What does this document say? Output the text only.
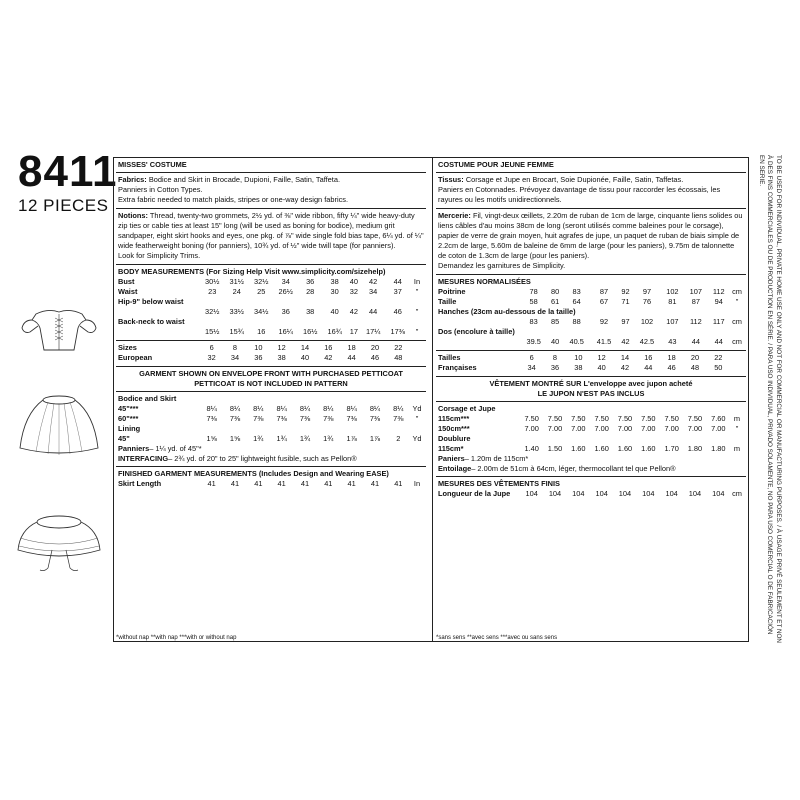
8411
12 PIECES
MISSES' COSTUME

Fabrics: Bodice and Skirt in Brocade, Dupioni, Faille, Satin, Taffeta.

Panniers in Cotton Types.

Extra fabric needed to match plaids, stripes or one-way design fabrics.

Notions: Thread, twenty-two grommets, 2½ yd. of ⅜" wide ribbon, fifty ¼" wide heavy-duty zip ties or cable ties at least 15" long (will be used as boning for bodice), medium grit sandpaper, eight skirt hooks and eyes, one pkg. of ⅞" wide single fold bias tape, 6¼ yd. of ¼" wide featherweight boning (for panniers), 10¾ yd. of ½" wide twill tape (for panniers).

Look for Simplicity Trims.

BODY MEASUREMENTS (For Sizing Help Visit www.simplicity.com/sizehelp)
Bust	30½	31½	32½	34	36	38	40	42	44	In
Waist	23	24	25	26½	28	30	32	34	37	"
Hip-9" below waist										
	32½	33½	34½	36	38	40	42	44	46	"
Back-neck to waist										
	15½	15¾	16	16¼	16½	16¾	17	17¼	17⅜	"
Sizes	6	8	10	12	14	16	18	20	22	
European	32	34	36	38	40	42	44	46	48	
GARMENT SHOWN ON ENVELOPE FRONT WITH PURCHASED PETTICOAT
PETTICOAT IS NOT INCLUDED IN PATTERN
Bodice and Skirt										
45"***	8¼	8¼	8¼	8¼	8¼	8¼	8¼	8¼	8¼	Yd
60"***	7⅜	7⅜	7⅜	7⅜	7⅜	7⅜	7⅜	7⅜	7⅜	"
Lining										
45"	1⅝	1⅝	1¾	1¾	1¾	1¾	1⅞	1⅞	2	Yd

Panniers– 1¼ yd. of 45"*

INTERFACING– 2¾ yd. of 20" to 25" lightweight fusible, such as Pellon®

FINISHED GARMENT MEASUREMENTS (Includes Design and Wearing EASE)
Skirt Length	41	41	41	41	41	41	41	41	41	In
*without nap **with nap ***with or without nap
COSTUME POUR JEUNE FEMME

Tissus: Corsage et Jupe en Brocart, Soie Dupionée, Faille, Satin, Taffetas.

Paniers en Cotonnades. Prévoyez davantage de tissu pour raccorder les écossais, les rayures ou les motifs unidirectionnels.

Mercerie: Fil, vingt-deux œillets, 2.20m de ruban de 1cm de large, cinquante liens solides ou liens câbles d'au moins 38cm de long (seront utilisés comme baleines pour le corsage), papier de verre de grain moyen, huit agrafes de jupe, un paquet de ruban de biais simple de 2.2cm de large, 5.60m de baleine de 6mm de large (pour les paniers), 9.75m de talonnette de coton de 1.3cm de large (pour les paniers).

Demandez les garnitures de Simplicity.

MESURES NORMALISÉES
Poitrine	78	80	83	87	92	97	102	107	112	cm
Taille	58	61	64	67	71	76	81	87	94	"
Hanches (23cm au-dessous de la taille)										
	83	85	88	92	97	102	107	112	117	cm
Dos (encolure à taille)										
	39.5	40	40.5	41.5	42	42.5	43	44	44	cm
Tailles	6	8	10	12	14	16	18	20	22	
Françaises	34	36	38	40	42	44	46	48	50	
VÊTEMENT MONTRÉ SUR L'enveloppe avec jupon acheté
LE JUPON N'EST PAS INCLUS
Corsage et Jupe										
115cm***	7.50	7.50	7.50	7.50	7.50	7.50	7.50	7.50	7.60	m
150cm***	7.00	7.00	7.00	7.00	7.00	7.00	7.00	7.00	7.00	"
Doublure										
115cm*	1.40	1.50	1.60	1.60	1.60	1.60	1.70	1.80	1.80	m

Paniers– 1.20m de 115cm*

Entoilage– 2.00m de 51cm à 64cm, léger, thermocollant tel que Pellon®

MESURES DES VÊTEMENTS FINIS
Longueur de la Jupe	104	104	104	104	104	104	104	104	104	cm
*sans sens **avec sens ***avec ou sans sens	TO BE USED FOR INDIVIDUAL, PRIVATE HOME USE ONLY AND NOT FOR COMMERCIAL OR MANUFACTURING PURPOSES. / À USAGE PRIVÉ SEULEMENT ET NON À DES FINS COMMERCIALES OU DE PRODUCTION EN SÉRIE. / PARA USO INDIVIDUAL, PRIVADO SOLAMENTE, NO PARA USO COMERCIAL O DE FABRICACIÓN EN SERIE.
